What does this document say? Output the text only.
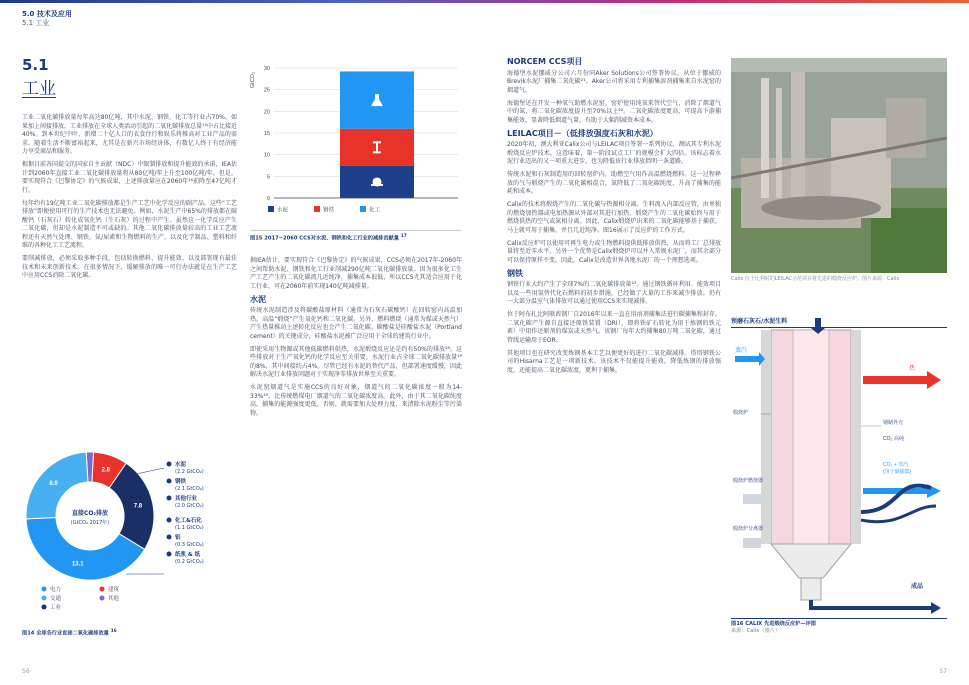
5.0 技术及应用
5.1 工业
5.1
工业

工业二氧化碳排放量每年高达80亿吨，其中水泥、钢铁、化工等行业占70%。如果加上间接排放，工业排放在全球人类活动引起的二氧化碳排放总量¹⁵中占比接近40%。到本世纪中叶，新增二十亿人口的衣食住行和娱乐将推高对工业产品的需求。随着生活不断富裕起来，尤其是在新兴市场经济体，有数亿人终于有经济能力享受商品和服务。

根据目前各国提交的国家自主贡献（NDC）中限制排放和提升能效的承诺，IEA估计到2060年直接工业二氧化碳排放量将从80亿吨/年上升至100亿吨/年。但是，要实现符合《巴黎协定》的气候成果，上述排放量应在2060年¹⁶前降至47亿吨才行。

每年约有19亿吨工业二氧化碳排放都是生产工艺中化学反应的副产品。这些“工艺排放”即便使用可行的生产技术也无法避免。例如，水泥生产中65%的排放都在碳酸钙（石灰石）转化成氧化钙（生石灰）的过程中产生。虽然这一化学反应产生二氧化碳，但却是水泥制造不可或缺的。其他二氧化碳排放量较高的工业工艺流程还有天然气处理、钢铁、氨/尿素和生物燃料的生产，以及化学制品、塑料和纤维的各种化工工艺流程。

要削减排放，必须采取多种手段，包括转换燃料、提升能效、以及部署现有最佳技术和未来创新技术。在很多情况下，缓解排放的唯一可行办法就是在生产工艺中应用CCS消除二氧化碳。

13.1
8.0
2.8
7.8
直接CO₂排放
(GtCO₂ 2017年)
水泥
(2.2 GtCO₂)
钢铁
(2.1 GtCO₂)
其他行业
(2.0 GtCO₂)
化工&石化
(1.1 GtCO₂)
铝
(0.3 GtCO₂)
纸浆 & 纸
(0.2 GtCO₂)
电力	建筑
交通	其他
工业
图14 全球各行业直接二氧化碳排放量 $^{16}$
GtCO₂
0
5
10
15
20
25
30
水泥	钢铁	化工
图15 2017~2060 CCS对水泥、钢铁和化工行业的减排贡献量 $^{17}$

据IEA估计，要实现符合《巴黎协定》的气候成果，CCS必须在2017年-2060年之间帮助水泥、钢铁和化工行业削减290亿吨二氧化碳排放量。因为很多化工生产工艺产生的二氧化碳流几近纯净，捕集成本很低，所以CCS尤其适合应用于化工行业，可在2060年前实现140亿吨减排量。

水泥

传统水泥制造涉及将碳酸盐原材料（通常为石灰石碳酸钙）在回转窑内高温加热。高温“煅烧”产生氧化钙和二氧化碳。另外，燃料燃烧（通常为煤或天然气）产生热量推动上述转化反应也会产生二氧化碳。碳酸盐是硅酸盐水泥（Portland cement）的关键成分，硅酸盐水泥被广泛应用于全球的建筑行业中。

即使采用生物源或其他低碳燃料供热，水泥煅烧反应还是约有50%的排放¹⁸。这些排放对于生产氧化钙的化学反应至关重要。水泥行业占全球二氧化碳排放量¹⁹的8%，其中间接约占4%。尽管已经有水泥的替代产品，但部署速度缓慢，因此解决水泥行业排放问题对于实现净零排放世界至关重要。

水泥窑烟道气是实施CCS的良好对象，烟道气的二氧化碳浓度一般为14-33%²⁰，比传统燃煤电厂烟道气的二氧化碳浓度高。此外，由于其二氧化碳纯度高，捕集的能源强度更低。否则，就需要加大处理力度，来清除水泥粉尘等污染物。

NORCEM CCS项目

海德堡水泥挪威分公司六月份同Aker Solutions公司签署协议，从位于挪威的Brevik水泥厂捕集二氧化碳²¹。Aker公司将采用专利捕集溶剂捕集来自水泥窑的烟道气。

海德堡还在开发一种氧气助燃水泥窑。窑炉使用纯氧来替代空气，消除了烟道气中的氮，将二氧化碳浓度提升至70%以上²²。二氧化碳浓度更高，可提高下游捕集能效，显著降低烟道气量，有助于大幅削减资本成本。

LEILAC项目－（低排放强度石灰和水泥）

2020年初，澳大利亚Calix公司与LEILAC项目签署一系列协议，测试其专利水泥煅烧反应炉技术。这意味着，第一阶段试点工厂的规模会扩大四倍。该标志着水泥行业迈出的又一项重大进步，也为降低该行业排放指明一条道路。

传统水泥和石灰制造用的回转窑炉内，助燃空气用作高温燃烧燃料。这一过程释放的气与煅烧产生的二氧化碳相混合，氮降低了二氧化碳纯度，升高了捕集的能耗和成本。

Calix的技术将煅烧产生的二氧化碳与热源相分离。生料流入内部反应管，由单独的燃烧加热器或电加热源从外部对其进行加热。煅烧产生的二氧化碳始终与用于燃烧供热的空气或氮相分离。因此，Calix煅烧炉出来的二氧化碳能够基于捕获，马上就可用于捕集，并且几近纯净。图16展示了反应炉的工作方式。

Calix反应炉可以使用可再生电力或生物燃料提供低排放供热，从而将工厂总排放量将至近零水平。另外一个优势是Calix煅烧炉可以并入常规水泥厂，而其余部分可以保持原样不变。因此，Calix是改造世界各地水泥厂的一个理想选项。

钢铁

钢铁行业大约产生了全球7%的二氧化碳排放量²³。通过钢铁循环利用、能效项目以及一些用氢替代化石燃料的初步措施，已经做了大量的工作来减少排放。仍有一大部分温室气体排放可以通过使用CCS来实现减排。

位于阿布扎比阿联酋钢厂自2016年以来一直在用溶剂捕集法进行碳捕集和封存。二氧化碳产生源自直接还原铁装置（DRI），即将铁矿石转化为用于炼钢的铁元素）中用作还原剂的煤炭或天然气。该钢厂每年大约捕集80万吨二氧化碳，通过管线运输用于EOR。

其他项目也在研究改变炼钢基本工艺以便更好的进行二氧化碳减排。塔塔钢铁公司的Hisarna工艺是一项新技术。该技术不仅能提升能效，降低炼钢的排放强度，还能提高二氧化碳浓度，更利于捕集。

Calix 位于比利时的LEILAC示范项目将先进的煅烧反应炉。图片来源：Calix
预磨石灰石/水泥生料
蒸汽
热
煅烧炉
钢制外壳
CO₂ 高纯
CO₂ + 蒸汽
(用于碳捕集)
煅烧炉燃烧器
煅烧炉分离器
成品
图16 CALIX 先进煅烧反应炉—评图
来源：Calix（图片）
56	57
